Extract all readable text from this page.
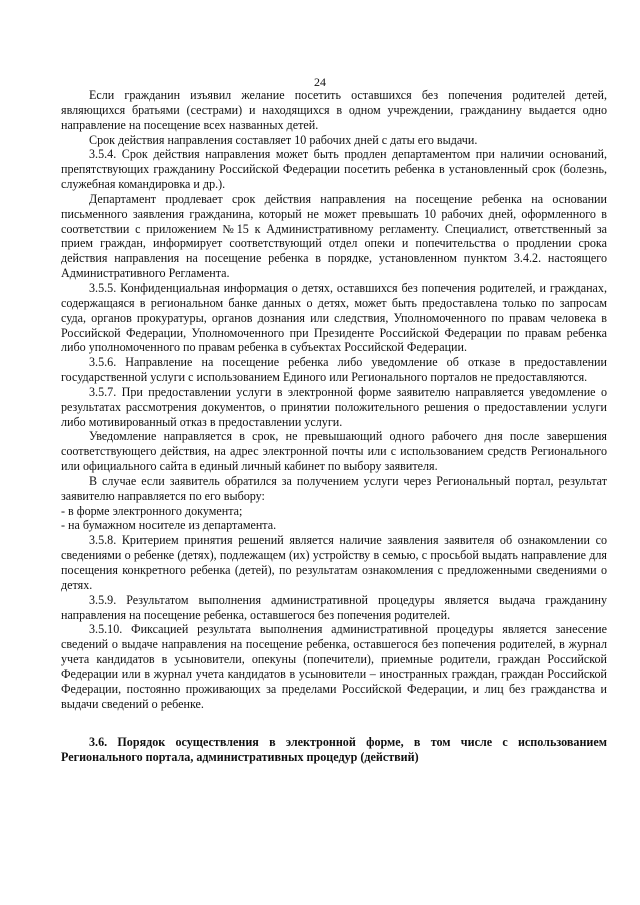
24

Если гражданин изъявил желание посетить оставшихся без попечения родителей детей, являющихся братьями (сестрами) и находящихся в одном учреждении, гражданину выдается одно направление на посещение всех названных детей.

Срок действия направления составляет 10 рабочих дней с даты его выдачи.

3.5.4. Срок действия направления может быть продлен департаментом при наличии оснований, препятствующих гражданину Российской Федерации посетить ребенка в установленный срок (болезнь, служебная командировка и др.).

Департамент продлевает срок действия направления на посещение ребенка на основании письменного заявления гражданина, который не может превышать 10 рабочих дней, оформленного в соответствии с приложением №15 к Административному регламенту. Специалист, ответственный за прием граждан, информирует соответствующий отдел опеки и попечительства о продлении срока действия направления на посещение ребенка в порядке, установленном пунктом 3.4.2. настоящего Административного Регламента.

3.5.5. Конфиденциальная информация о детях, оставшихся без попечения родителей, и гражданах, содержащаяся в региональном банке данных о детях, может быть предоставлена только по запросам суда, органов прокуратуры, органов дознания или следствия, Уполномоченного по правам человека в Российской Федерации, Уполномоченного при Президенте Российской Федерации по правам ребенка либо уполномоченного по правам ребенка в субъектах Российской Федерации.

3.5.6. Направление на посещение ребенка либо уведомление об отказе в предоставлении государственной услуги с использованием Единого или Регионального порталов не предоставляются.

3.5.7. При предоставлении услуги в электронной форме заявителю направляется уведомление о результатах рассмотрения документов, о принятии положительного решения о предоставлении услуги либо мотивированный отказ в предоставлении услуги.

Уведомление направляется в срок, не превышающий одного рабочего дня после завершения соответствующего действия, на адрес электронной почты или с использованием средств Регионального или официального сайта в единый личный кабинет по выбору заявителя.

В случае если заявитель обратился за получением услуги через Региональный портал, результат заявителю направляется по его выбору:

- в форме электронного документа;

- на бумажном носителе из департамента.

3.5.8. Критерием принятия решений является наличие заявления заявителя об ознакомлении со сведениями о ребенке (детях), подлежащем (их) устройству в семью, с просьбой выдать направление для посещения конкретного ребенка (детей), по результатам ознакомления с предложенными сведениями о детях.

3.5.9. Результатом выполнения административной процедуры является выдача гражданину направления на посещение ребенка, оставшегося без попечения родителей.

3.5.10. Фиксацией результата выполнения административной процедуры является занесение сведений о выдаче направления на посещение ребенка, оставшегося без попечения родителей, в журнал учета кандидатов в усыновители, опекуны (попечители), приемные родители, граждан Российской Федерации или в журнал учета кандидатов в усыновители – иностранных граждан, граждан Российской Федерации, постоянно проживающих за пределами Российской Федерации, и лиц без гражданства и выдачи сведений о ребенке.

3.6. Порядок осуществления в электронной форме, в том числе с использованием Регионального портала, административных процедур (действий)
